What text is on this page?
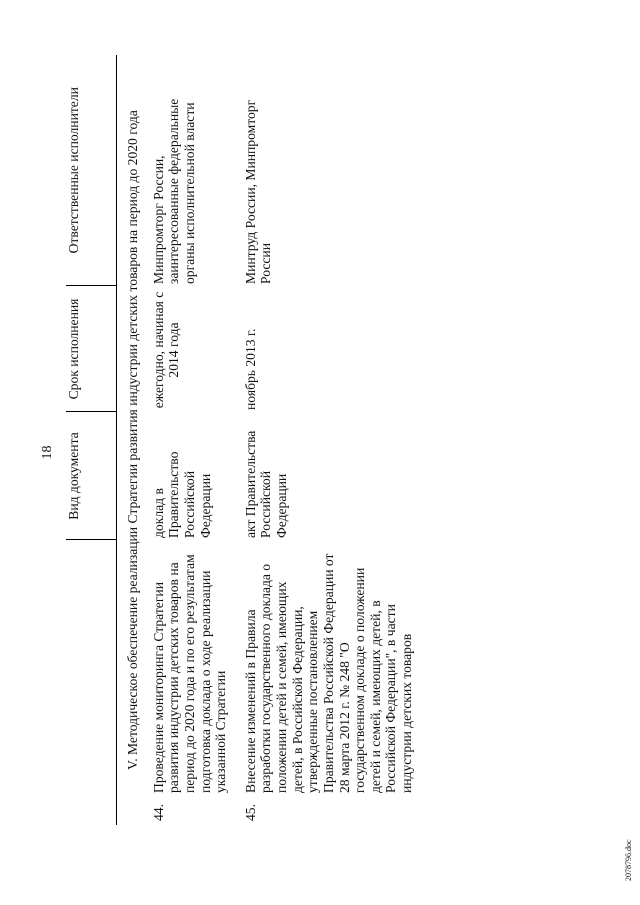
18
		Вид документа	Срок исполнения	Ответственные исполнители
V. Методическое обеспечение реализации Стратегии развития индустрии детских товаров на период до 2020 года				
44.	Проведение мониторинга Стратегии развития индустрии детских товаров на период до 2020 года и по его результатам подготовка доклада о ходе реализации указанной Стратегии	доклад в Правительство Российской Федерации	ежегодно, начиная с 2014 года	Минпромторг России, заинтересованные федеральные органы исполнительной власти
45.	Внесение изменений в Правила разработки государственного доклада о положении детей и семей, имеющих детей, в Российской Федерации, утвержденные постановлением Правительства Российской Федерации от 28 марта 2012 г. № 248 "О государственном докладе о положении детей и семей, имеющих детей, в Российской Федерации", в части индустрии детских товаров	акт Правительства Российской Федерации	ноябрь 2013 г.	Минтруд России, Минпромторг России
2078796.doc
